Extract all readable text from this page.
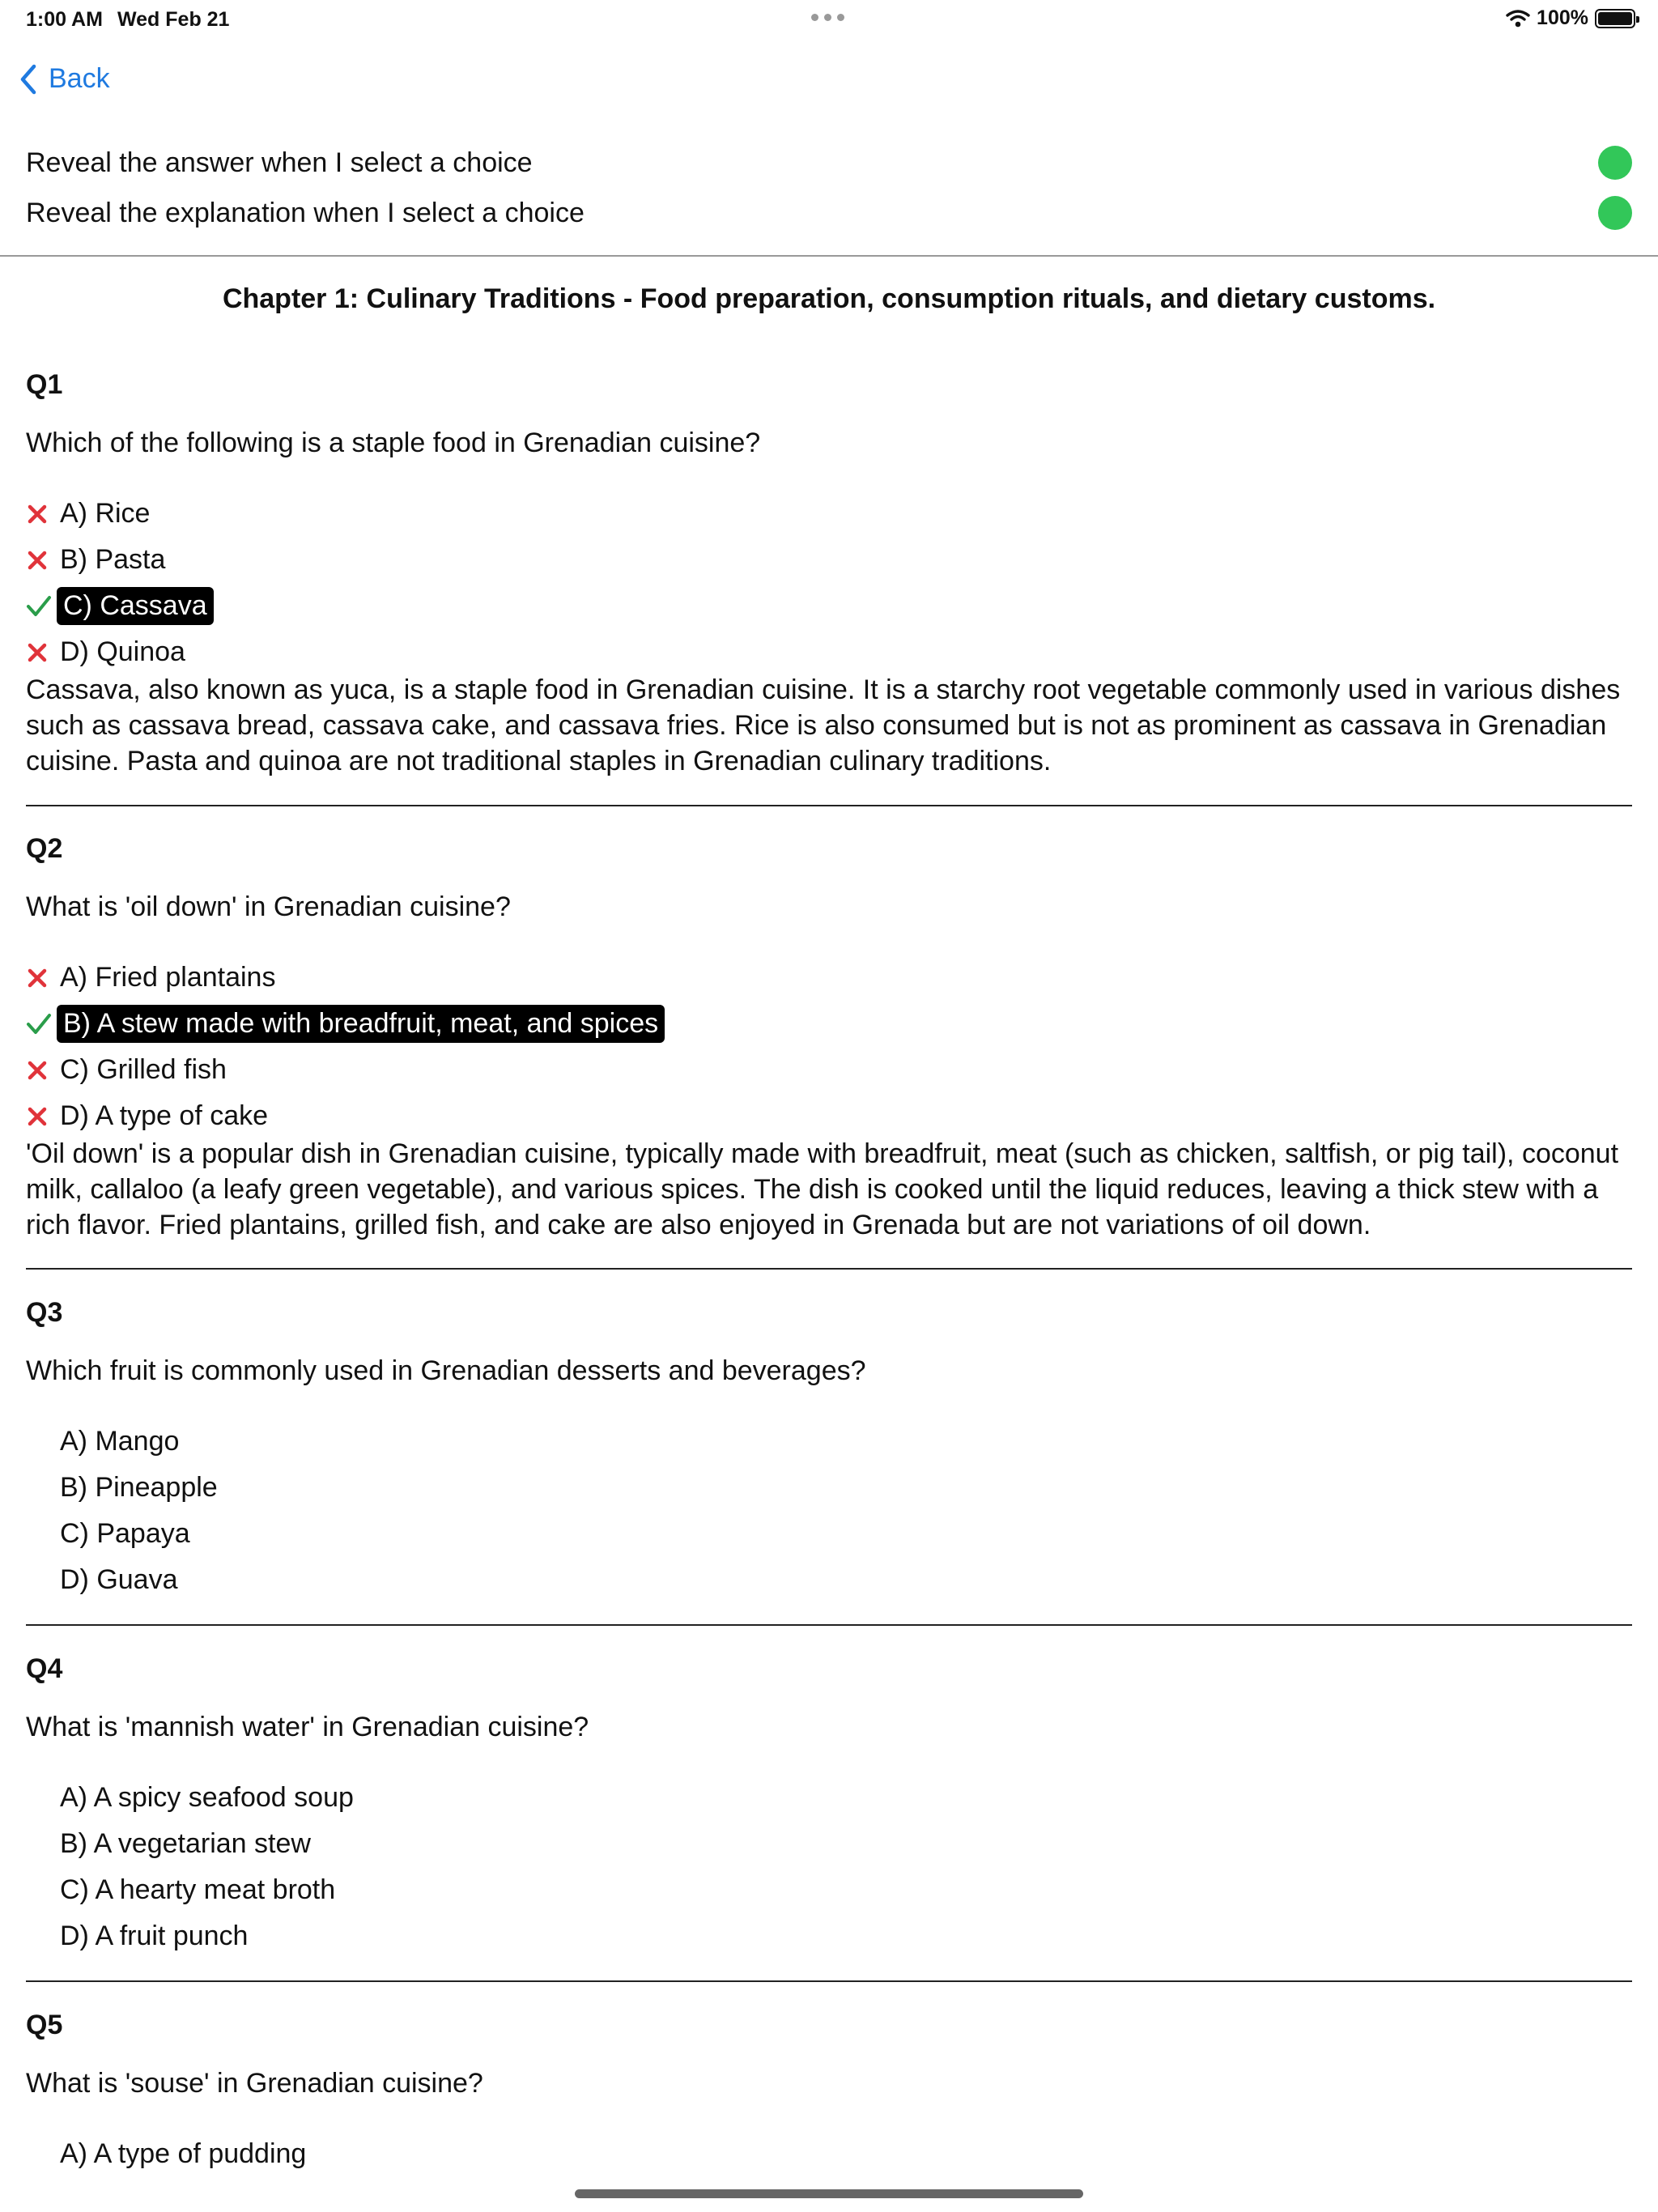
1:00 AM Wed Feb 21	100%
Back
Reveal the answer when I select a choice
Reveal the explanation when I select a choice
Chapter 1: Culinary Traditions - Food preparation, consumption rituals, and dietary customs.
Q1
Which of the following is a staple food in Grenadian cuisine?
A) Rice
B) Pasta
C) Cassava
D) Quinoa
Cassava, also known as yuca, is a staple food in Grenadian cuisine. It is a starchy root vegetable commonly used in various dishes such as cassava bread, cassava cake, and cassava fries. Rice is also consumed but is not as prominent as cassava in Grenadian cuisine. Pasta and quinoa are not traditional staples in Grenadian culinary traditions.
Q2
What is 'oil down' in Grenadian cuisine?
A) Fried plantains
B) A stew made with breadfruit, meat, and spices
C) Grilled fish
D) A type of cake
'Oil down' is a popular dish in Grenadian cuisine, typically made with breadfruit, meat (such as chicken, saltfish, or pig tail), coconut milk, callaloo (a leafy green vegetable), and various spices. The dish is cooked until the liquid reduces, leaving a thick stew with a rich flavor. Fried plantains, grilled fish, and cake are also enjoyed in Grenada but are not variations of oil down.
Q3
Which fruit is commonly used in Grenadian desserts and beverages?
A) Mango
B) Pineapple
C) Papaya
D) Guava
Q4
What is 'mannish water' in Grenadian cuisine?
A) A spicy seafood soup
B) A vegetarian stew
C) A hearty meat broth
D) A fruit punch
Q5
What is 'souse' in Grenadian cuisine?
A) A type of pudding
